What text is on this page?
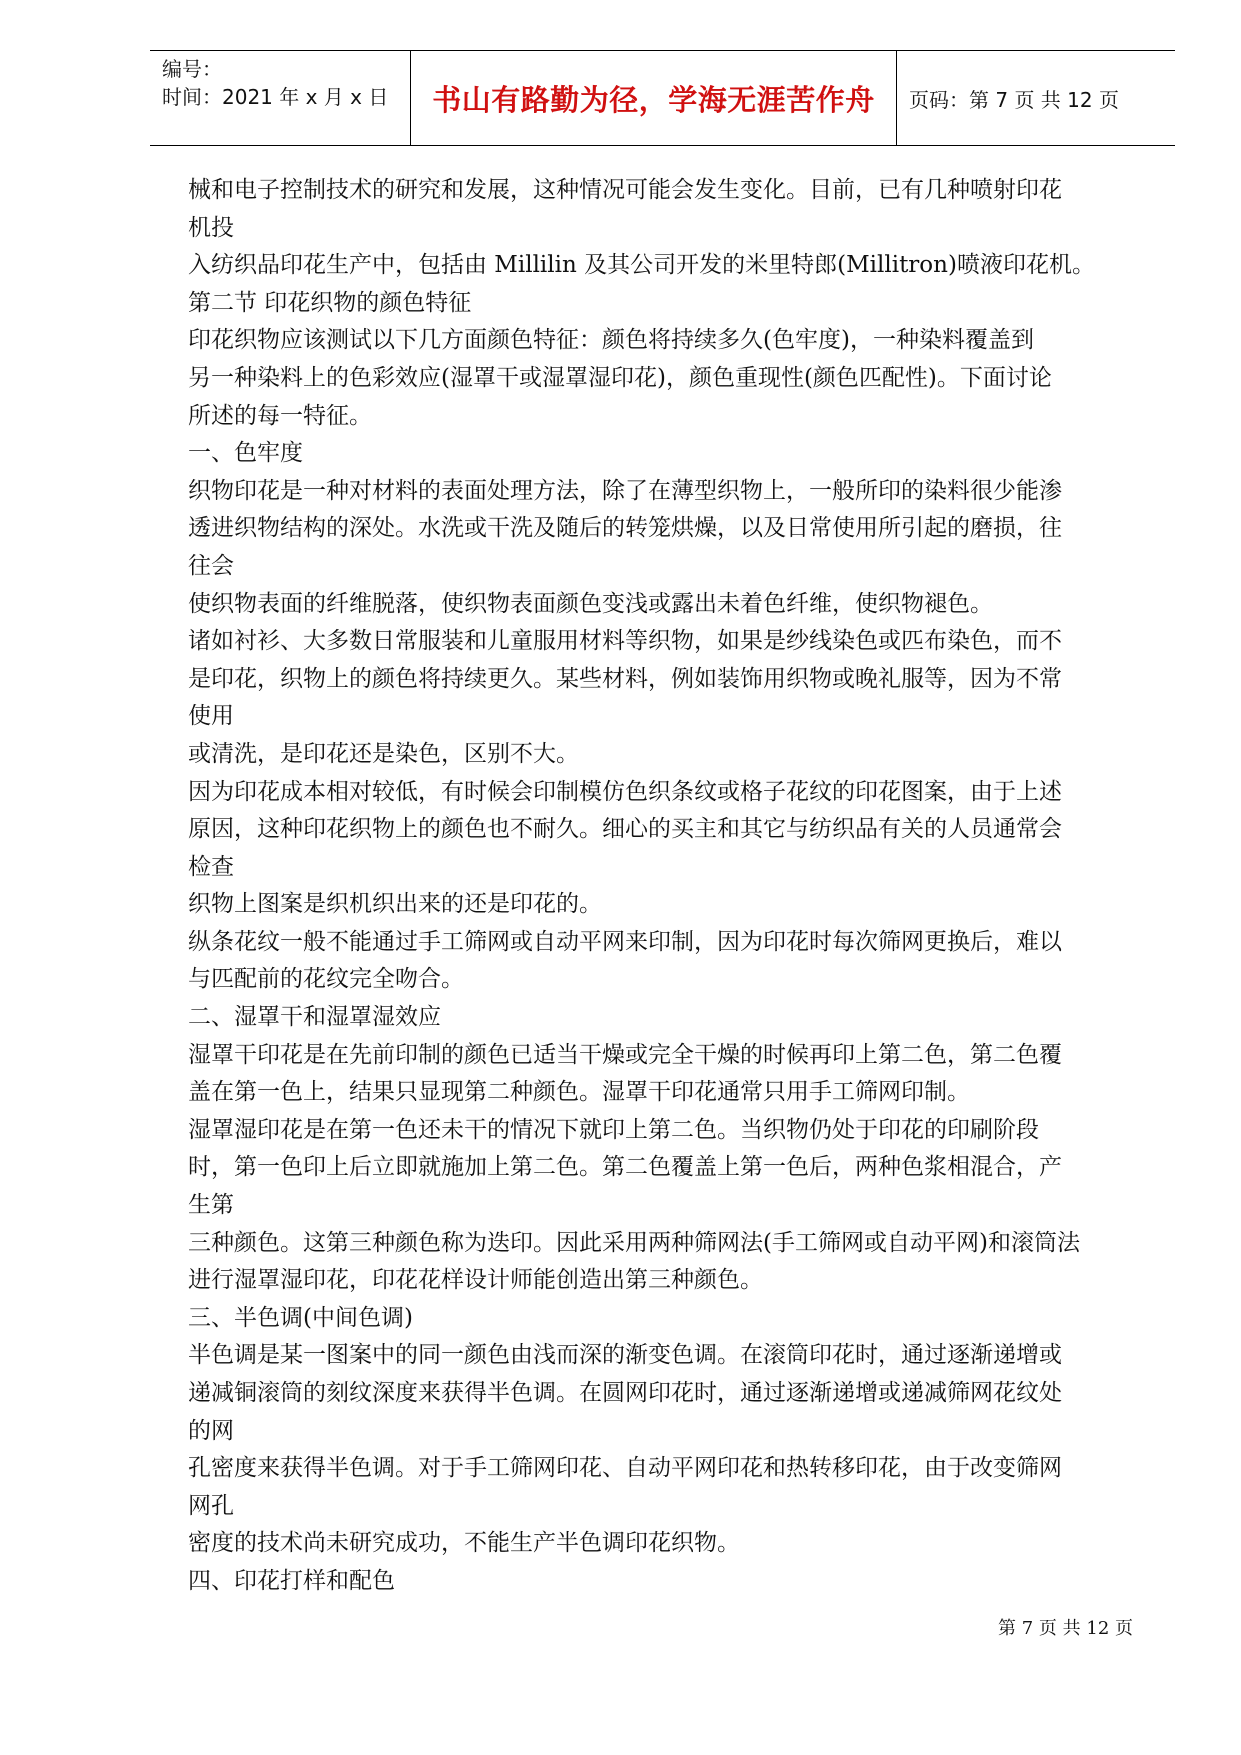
编号：
时间：2021 年 x 月 x 日	书山有路勤为径，学海无涯苦作舟 页码：第 7 页 共 12 页
械和电子控制技术的研究和发展，这种情况可能会发生变化。目前，已有几种喷射印花
机投
入纺织品印花生产中，包括由 Millilin 及其公司开发的米里特郎(Millitron)喷液印花机。
第二节 印花织物的颜色特征
印花织物应该测试以下几方面颜色特征：颜色将持续多久(色牢度)，一种染料覆盖到
另一种染料上的色彩效应(湿罩干或湿罩湿印花)，颜色重现性(颜色匹配性)。下面讨论
所述的每一特征。
一、色牢度
织物印花是一种对材料的表面处理方法，除了在薄型织物上，一般所印的染料很少能渗
透进织物结构的深处。水洗或干洗及随后的转笼烘燥，以及日常使用所引起的磨损，往
往会
使织物表面的纤维脱落，使织物表面颜色变浅或露出未着色纤维，使织物褪色。
诸如衬衫、大多数日常服装和儿童服用材料等织物，如果是纱线染色或匹布染色，而不
是印花，织物上的颜色将持续更久。某些材料，例如装饰用织物或晚礼服等，因为不常
使用
或清洗，是印花还是染色，区别不大。
因为印花成本相对较低，有时候会印制模仿色织条纹或格子花纹的印花图案，由于上述
原因，这种印花织物上的颜色也不耐久。细心的买主和其它与纺织品有关的人员通常会
检查
织物上图案是织机织出来的还是印花的。
纵条花纹一般不能通过手工筛网或自动平网来印制，因为印花时每次筛网更换后，难以
与匹配前的花纹完全吻合。
二、湿罩干和湿罩湿效应
湿罩干印花是在先前印制的颜色已适当干燥或完全干燥的时候再印上第二色，第二色覆
盖在第一色上，结果只显现第二种颜色。湿罩干印花通常只用手工筛网印制。
湿罩湿印花是在第一色还未干的情况下就印上第二色。当织物仍处于印花的印刷阶段
时，第一色印上后立即就施加上第二色。第二色覆盖上第一色后，两种色浆相混合，产
生第
三种颜色。这第三种颜色称为迭印。因此采用两种筛网法(手工筛网或自动平网)和滚筒法
进行湿罩湿印花，印花花样设计师能创造出第三种颜色。
三、半色调(中间色调)
半色调是某一图案中的同一颜色由浅而深的渐变色调。在滚筒印花时，通过逐渐递增或
递减铜滚筒的刻纹深度来获得半色调。在圆网印花时，通过逐渐递增或递减筛网花纹处
的网
孔密度来获得半色调。对于手工筛网印花、自动平网印花和热转移印花，由于改变筛网
网孔
密度的技术尚未研究成功，不能生产半色调印花织物。
四、印花打样和配色
第 7 页 共 12 页
